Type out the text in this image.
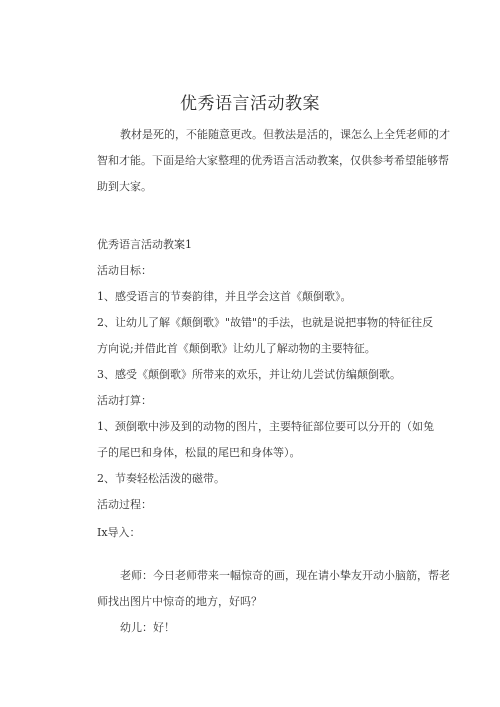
优秀语言活动教案
教材是死的，不能随意更改。但教法是活的，课怎么上全凭老师的才
智和才能。下面是给大家整理的优秀语言活动教案，仅供参考希望能够帮
助到大家。
优秀语言活动教案1
活动目标：
1、感受语言的节奏韵律，并且学会这首《颠倒歌》。
2、让幼儿了解《颠倒歌》"故错"的手法，也就是说把事物的特征往反
方向说;并借此首《颠倒歌》让幼儿了解动物的主要特征。
3、感受《颠倒歌》所带来的欢乐，并让幼儿尝试仿编颠倒歌。
活动打算：
1、颈倒歌中涉及到的动物的图片，主要特征部位要可以分开的（如兔
子的尾巴和身体，松鼠的尾巴和身体等）。
2、节奏轻松活泼的磁带。
活动过程：
Ix导入：
老师：今日老师带来一幅惊奇的画，现在请小挚友开动小脑筋，帮老
师找出图片中惊奇的地方，好吗？
幼儿：好！
